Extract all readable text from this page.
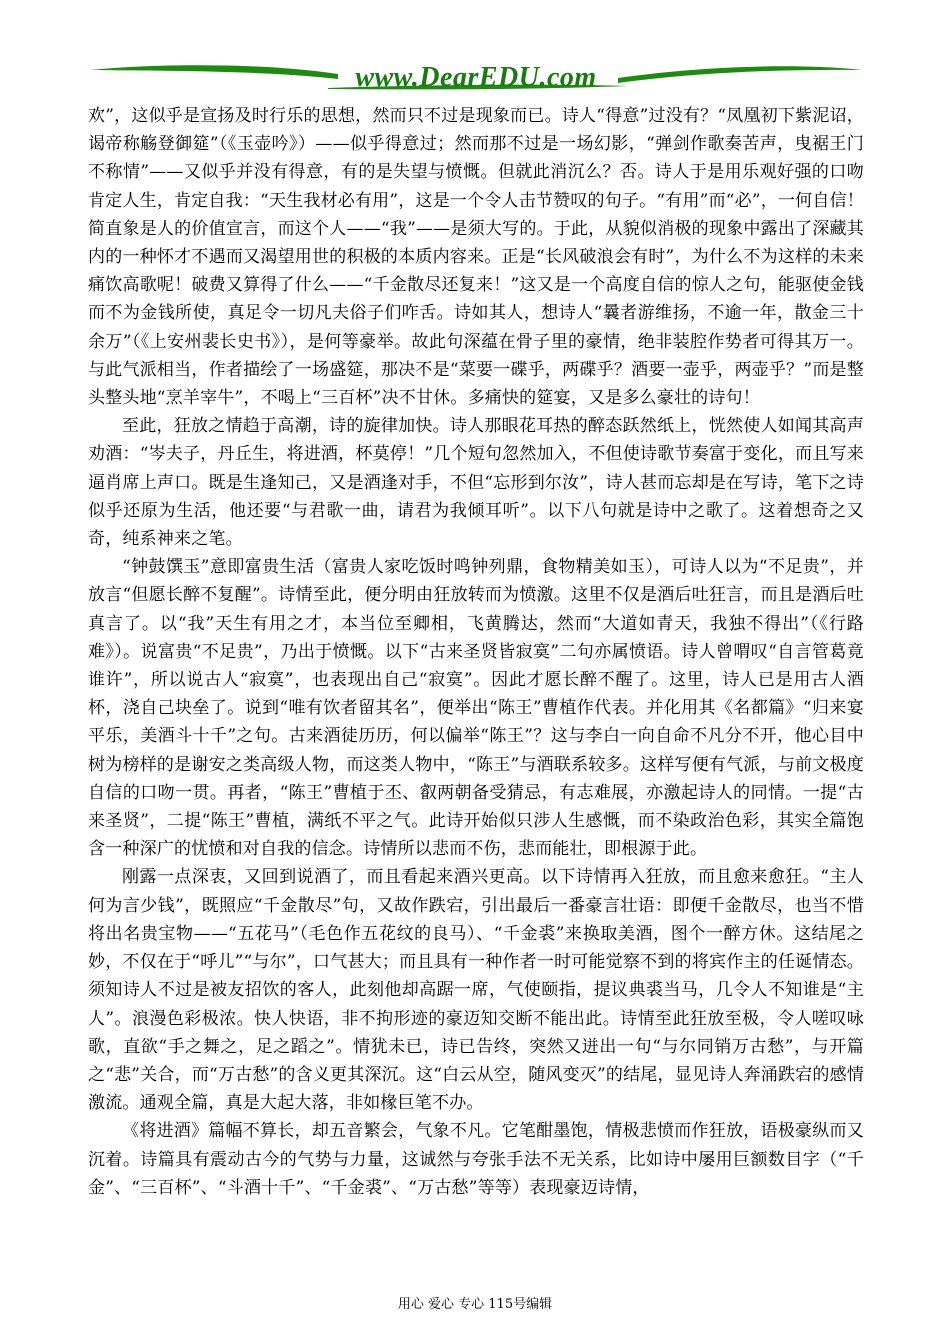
www.DearEDU.com

欢”，这似乎是宣扬及时行乐的思想，然而只不过是现象而已。诗人“得意”过没有？“凤凰初下紫泥诏，谒帝称觞登御筵”（《玉壶吟》）——似乎得意过；然而那不过是一场幻影，“弹剑作歌奏苦声，曳裾王门不称情”——又似乎并没有得意，有的是失望与愤慨。但就此消沉么？否。诗人于是用乐观好强的口吻肯定人生，肯定自我：“天生我材必有用”，这是一个令人击节赞叹的句子。“有用”而“必”，一何自信！简直象是人的价值宣言，而这个人——“我”——是须大写的。于此，从貌似消极的现象中露出了深藏其内的一种怀才不遇而又渴望用世的积极的本质内容来。正是“长风破浪会有时”，为什么不为这样的未来痛饮高歌呢！破费又算得了什么——“千金散尽还复来！”这又是一个高度自信的惊人之句，能驱使金钱而不为金钱所使，真足令一切凡夫俗子们咋舌。诗如其人，想诗人“曩者游维扬，不逾一年，散金三十余万”（《上安州裴长史书》），是何等豪举。故此句深蕴在骨子里的豪情，绝非装腔作势者可得其万一。与此气派相当，作者描绘了一场盛筵，那决不是“菜要一碟乎，两碟乎？酒要一壶乎，两壶乎？”而是整头整头地“烹羊宰牛”，不喝上“三百杯”决不甘休。多痛快的筵宴，又是多么豪壮的诗句！

至此，狂放之情趋于高潮，诗的旋律加快。诗人那眼花耳热的醉态跃然纸上，恍然使人如闻其高声劝酒：“岑夫子，丹丘生，将进酒，杯莫停！”几个短句忽然加入，不但使诗歌节奏富于变化，而且写来逼肖席上声口。既是生逢知己，又是酒逢对手，不但“忘形到尔汝”，诗人甚而忘却是在写诗，笔下之诗似乎还原为生活，他还要“与君歌一曲，请君为我倾耳听”。以下八句就是诗中之歌了。这着想奇之又奇，纯系神来之笔。

“钟鼓馔玉”意即富贵生活（富贵人家吃饭时鸣钟列鼎，食物精美如玉），可诗人以为“不足贵”，并放言“但愿长醉不复醒”。诗情至此，便分明由狂放转而为愤激。这里不仅是酒后吐狂言，而且是酒后吐真言了。以“我”天生有用之才，本当位至卿相，飞黄腾达，然而“大道如青天，我独不得出”（《行路难》）。说富贵“不足贵”，乃出于愤慨。以下“古来圣贤皆寂寞”二句亦属愤语。诗人曾喟叹“自言管葛竟谁许”，所以说古人“寂寞”，也表现出自己“寂寞”。因此才愿长醉不醒了。这里，诗人已是用古人酒杯，浇自己块垒了。说到“唯有饮者留其名”，便举出“陈王”曹植作代表。并化用其《名都篇》“归来宴平乐，美酒斗十千”之句。古来酒徒历历，何以偏举“陈王”？这与李白一向自命不凡分不开，他心目中树为榜样的是谢安之类高级人物，而这类人物中，“陈王”与酒联系较多。这样写便有气派，与前文极度自信的口吻一贯。再者，“陈王”曹植于丕、叡两朝备受猜忌，有志难展，亦激起诗人的同情。一提“古来圣贤”，二提“陈王”曹植，满纸不平之气。此诗开始似只涉人生感慨，而不染政治色彩，其实全篇饱含一种深广的忧愤和对自我的信念。诗情所以悲而不伤，悲而能壮，即根源于此。

刚露一点深衷，又回到说酒了，而且看起来酒兴更高。以下诗情再入狂放，而且愈来愈狂。“主人何为言少钱”，既照应“千金散尽”句，又故作跌宕，引出最后一番豪言壮语：即便千金散尽，也当不惜将出名贵宝物——“五花马”（毛色作五花纹的良马）、“千金裘”来换取美酒，图个一醉方休。这结尾之妙，不仅在于“呼儿”“与尔”，口气甚大；而且具有一种作者一时可能觉察不到的将宾作主的任诞情态。须知诗人不过是被友招饮的客人，此刻他却高踞一席，气使颐指，提议典裘当马，几令人不知谁是“主人”。浪漫色彩极浓。快人快语，非不拘形迹的豪迈知交断不能出此。诗情至此狂放至极，令人嗟叹咏歌，直欲“手之舞之，足之蹈之”。情犹未已，诗已告终，突然又迸出一句“与尔同销万古愁”，与开篇之“悲”关合，而“万古愁”的含义更其深沉。这“白云从空，随风变灭”的结尾，显见诗人奔涌跌宕的感情激流。通观全篇，真是大起大落，非如椽巨笔不办。

《将进酒》篇幅不算长，却五音繁会，气象不凡。它笔酣墨饱，情极悲愤而作狂放，语极豪纵而又沉着。诗篇具有震动古今的气势与力量，这诚然与夸张手法不无关系，比如诗中屡用巨额数目字（“千金”、“三百杯”、“斗酒十千”、“千金裘”、“万古愁”等等）表现豪迈诗情，

用心 爱心 专心 115号编辑
